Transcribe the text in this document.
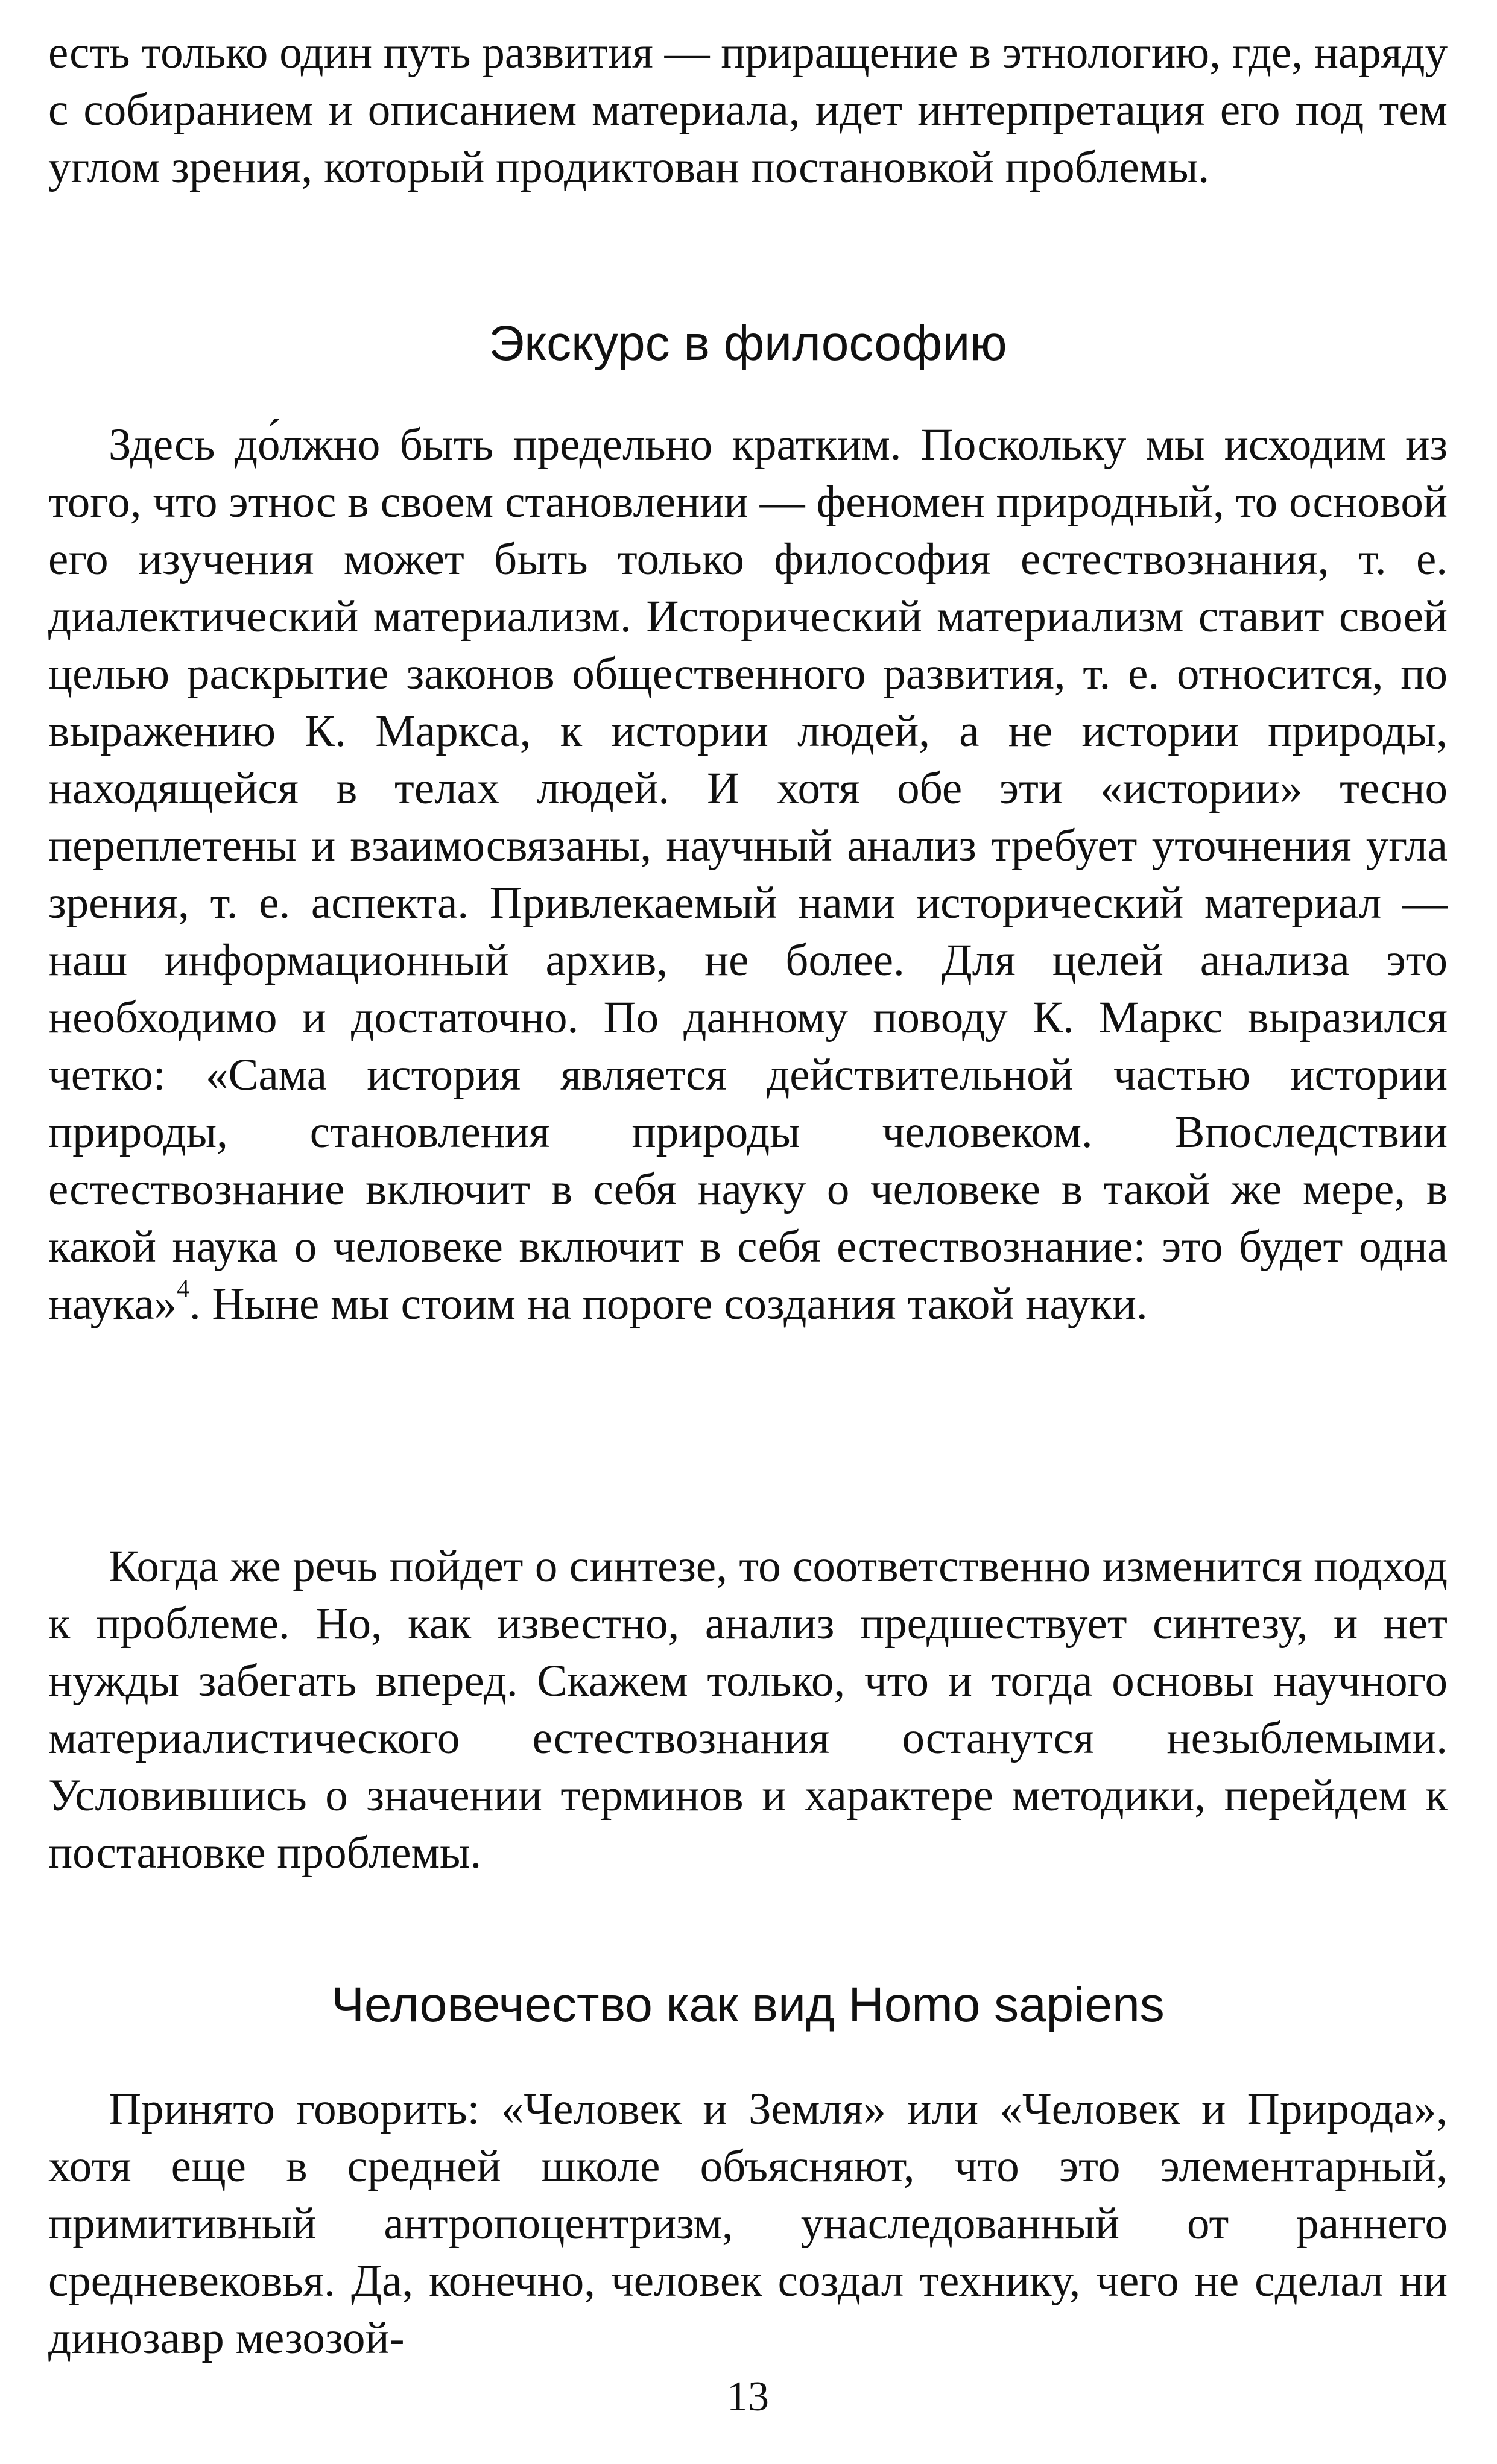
есть только один путь развития — приращение в этнологию, где, наряду с собиранием и описанием материала, идет интерпретация его под тем углом зрения, который продиктован постановкой проблемы.

Экскурс в философию

Здесь до́лжно быть предельно кратким. Поскольку мы исходим из того, что этнос в своем становлении — феномен природный, то основой его изучения может быть только философия естествознания, т. е. диалектический материализм. Исторический материализм ставит своей целью раскрытие законов общественного развития, т. е. относится, по выражению К. Маркса, к истории людей, а не истории природы, находящейся в телах людей. И хотя обе эти «истории» тесно переплетены и взаимосвязаны, научный анализ требует уточнения угла зрения, т. е. аспекта. Привлекаемый нами исторический материал — наш информационный архив, не более. Для целей анализа это необходимо и достаточно. По данному поводу К. Маркс выразился четко: «Сама история является действительной частью истории природы, становления природы человеком. Впоследствии естествознание включит в себя науку о человеке в такой же мере, в какой наука о человеке включит в себя естествознание: это будет одна наука»$^4$. Ныне мы стоим на пороге создания такой науки.

Когда же речь пойдет о синтезе, то соответственно изменится подход к проблеме. Но, как известно, анализ предшествует синтезу, и нет нужды забегать вперед. Скажем только, что и тогда основы научного материалистического естествознания останутся незыблемыми. Условившись о значении терминов и характере методики, перейдем к постановке проблемы.

Человечество как вид Homo sapiens

Принято говорить: «Человек и Земля» или «Человек и Природа», хотя еще в средней школе объясняют, что это элементарный, примитивный антропоцентризм, унаследованный от раннего средневековья. Да, конечно, человек создал технику, чего не сделал ни динозавр мезозой-

13
